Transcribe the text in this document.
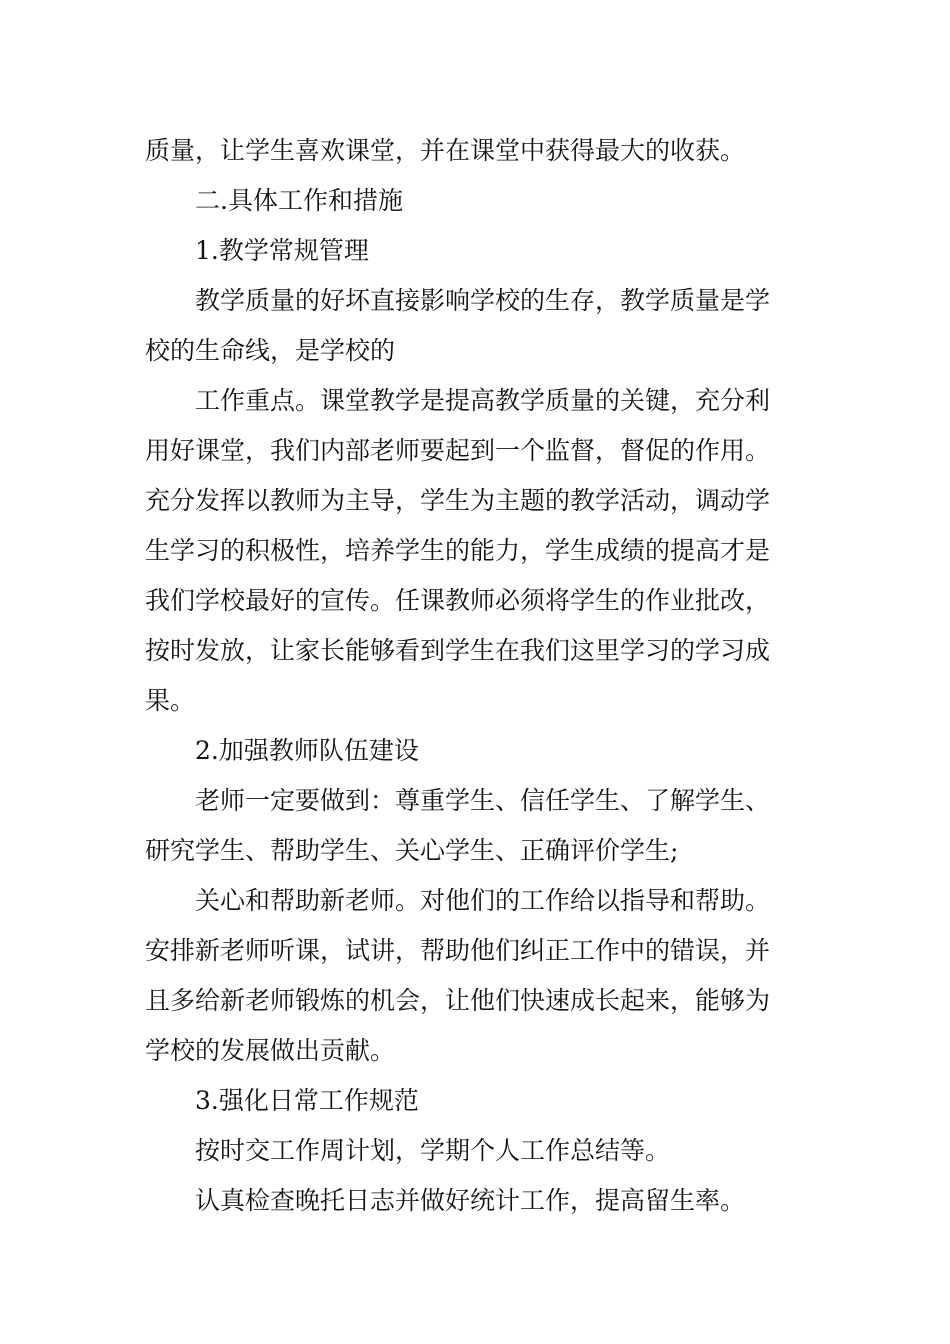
质量，让学生喜欢课堂，并在课堂中获得最大的收获。
二.具体工作和措施
1.教学常规管理
教学质量的好坏直接影响学校的生存，教学质量是学
校的生命线，是学校的
工作重点。课堂教学是提高教学质量的关键，充分利
用好课堂，我们内部老师要起到一个监督，督促的作用。
充分发挥以教师为主导，学生为主题的教学活动，调动学
生学习的积极性，培养学生的能力，学生成绩的提高才是
我们学校最好的宣传。任课教师必须将学生的作业批改，
按时发放，让家长能够看到学生在我们这里学习的学习成
果。
2.加强教师队伍建设
老师一定要做到：尊重学生、信任学生、了解学生、
研究学生、帮助学生、关心学生、正确评价学生;
关心和帮助新老师。对他们的工作给以指导和帮助。
安排新老师听课，试讲，帮助他们纠正工作中的错误，并
且多给新老师锻炼的机会，让他们快速成长起来，能够为
学校的发展做出贡献。
3.强化日常工作规范
按时交工作周计划，学期个人工作总结等。
认真检查晚托日志并做好统计工作，提高留生率。
